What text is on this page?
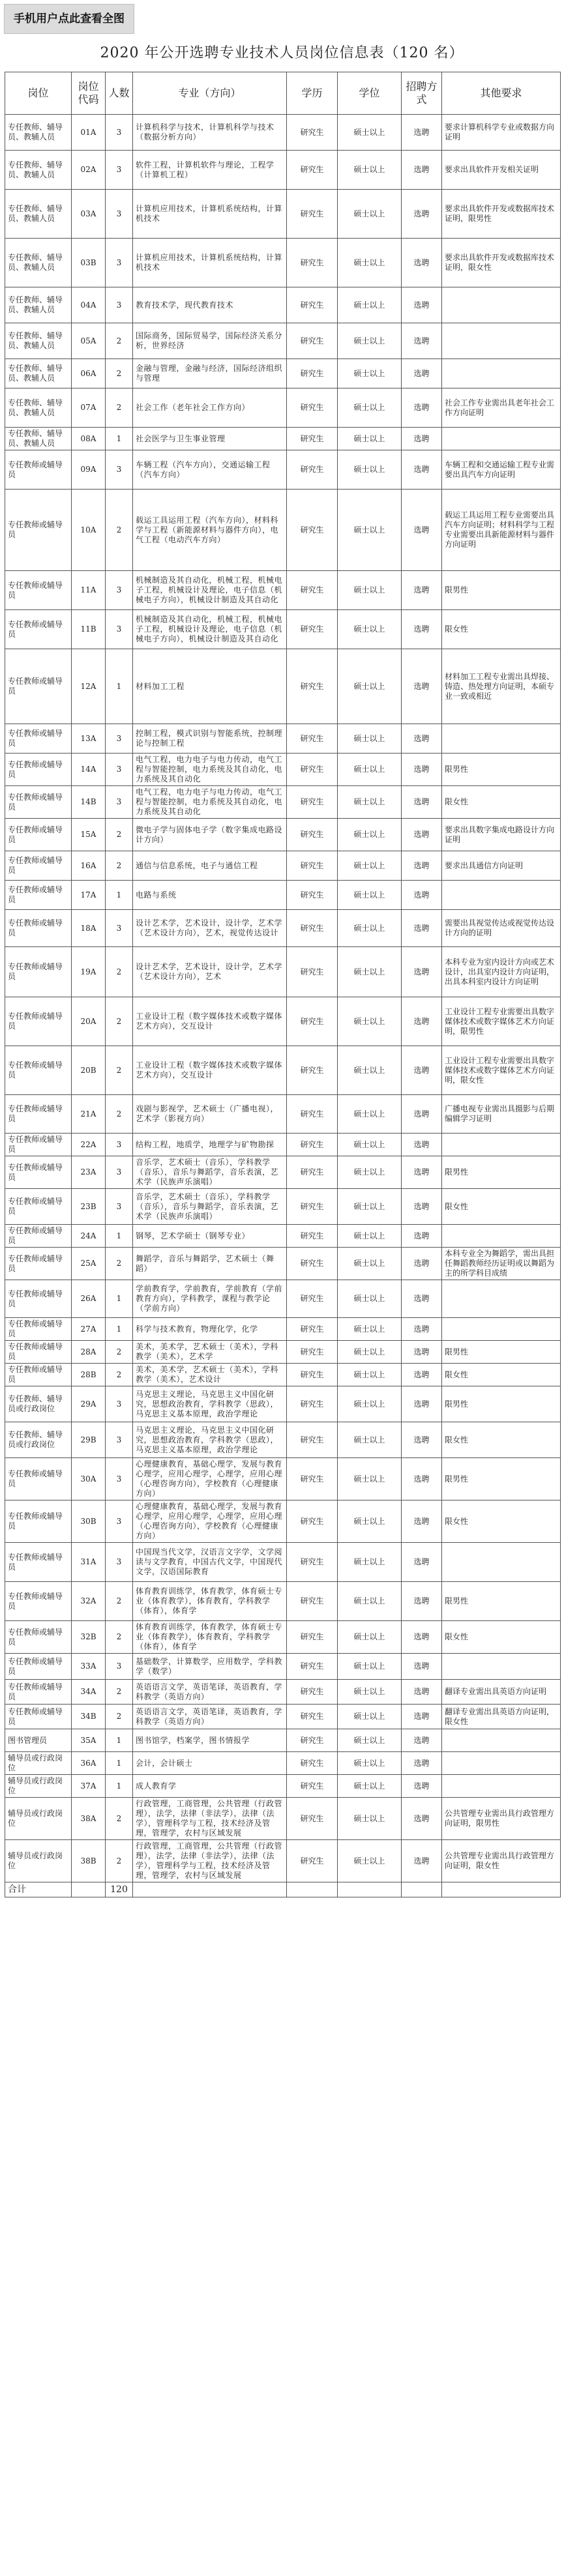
手机用户点此查看全图
2020 年公开选聘专业技术人员岗位信息表（120 名）
岗位	岗位代码	人数	专业（方向）	学历	学位	招聘方式	其他要求
专任教师、辅导员、教辅人员	01A	3	计算机科学与技术，计算机科学与技术（数据分析方向）	研究生	硕士以上	选聘	要求计算机科学专业或数据方向证明
专任教师、辅导员、教辅人员	02A	3	软件工程，计算机软件与理论，工程学（计算机工程）	研究生	硕士以上	选聘	要求出具软件开发相关证明
专任教师、辅导员、教辅人员	03A	3	计算机应用技术，计算机系统结构，计算机技术	研究生	硕士以上	选聘	要求出具软件开发或数据库技术证明，限男性
专任教师、辅导员、教辅人员	03B	3	计算机应用技术，计算机系统结构，计算机技术	研究生	硕士以上	选聘	要求出具软件开发或数据库技术证明，限女性
专任教师、辅导员、教辅人员	04A	3	教育技术学，现代教育技术	研究生	硕士以上	选聘	
专任教师、辅导员、教辅人员	05A	2	国际商务，国际贸易学，国际经济关系分析，世界经济	研究生	硕士以上	选聘	
专任教师、辅导员、教辅人员	06A	2	金融与管理，金融与经济，国际经济组织与管理	研究生	硕士以上	选聘	
专任教师、辅导员、教辅人员	07A	2	社会工作（老年社会工作方向）	研究生	硕士以上	选聘	社会工作专业需出具老年社会工作方向证明
专任教师、辅导员、教辅人员	08A	1	社会医学与卫生事业管理	研究生	硕士以上	选聘	
专任教师或辅导员	09A	3	车辆工程（汽车方向），交通运输工程（汽车方向）	研究生	硕士以上	选聘	车辆工程和交通运输工程专业需要出具汽车方向证明
专任教师或辅导员	10A	2	载运工具运用工程（汽车方向），材料科学与工程（新能源材料与器件方向），电气工程（电动汽车方向）	研究生	硕士以上	选聘	载运工具运用工程专业需要出具汽车方向证明；材料科学与工程专业需要出具新能源材料与器件方向证明
专任教师或辅导员	11A	3	机械制造及其自动化，机械工程，机械电子工程，机械设计及理论，电子信息（机械电子方向），机械设计制造及其自动化	研究生	硕士以上	选聘	限男性
专任教师或辅导员	11B	3	机械制造及其自动化，机械工程，机械电子工程，机械设计及理论，电子信息（机械电子方向），机械设计制造及其自动化	研究生	硕士以上	选聘	限女性
专任教师或辅导员	12A	1	材料加工工程	研究生	硕士以上	选聘	材料加工工程专业需出具焊接、铸造、热处理方向证明，本硕专业一致或相近
专任教师或辅导员	13A	3	控制工程，模式识别与智能系统，控制理论与控制工程	研究生	硕士以上	选聘	
专任教师或辅导员	14A	3	电气工程，电力电子与电力传动，电气工程与智能控制，电力系统及其自动化，电力系统及其自动化	研究生	硕士以上	选聘	限男性
专任教师或辅导员	14B	3	电气工程，电力电子与电力传动，电气工程与智能控制，电力系统及其自动化，电力系统及其自动化	研究生	硕士以上	选聘	限女性
专任教师或辅导员	15A	2	微电子学与固体电子学（数字集成电路设计方向）	研究生	硕士以上	选聘	要求出具数字集成电路设计方向证明
专任教师或辅导员	16A	2	通信与信息系统，电子与通信工程	研究生	硕士以上	选聘	要求出具通信方向证明
专任教师或辅导员	17A	1	电路与系统	研究生	硕士以上	选聘	
专任教师或辅导员	18A	3	设计艺术学，艺术设计，设计学，艺术学（艺术设计方向），艺术，视觉传达设计	研究生	硕士以上	选聘	需要出具视觉传达或视觉传达设计方向的证明
专任教师或辅导员	19A	2	设计艺术学，艺术设计，设计学，艺术学（艺术设计方向），艺术	研究生	硕士以上	选聘	本科专业为室内设计方向或艺术设计，出具室内设计方向证明，出具本科室内设计方向证明
专任教师或辅导员	20A	2	工业设计工程（数字媒体技术或数字媒体艺术方向），交互设计	研究生	硕士以上	选聘	工业设计工程专业需要出具数字媒体技术或数字媒体艺术方向证明，限男性
专任教师或辅导员	20B	2	工业设计工程（数字媒体技术或数字媒体艺术方向），交互设计	研究生	硕士以上	选聘	工业设计工程专业需要出具数字媒体技术或数字媒体艺术方向证明，限女性
专任教师或辅导员	21A	2	戏剧与影视学，艺术硕士（广播电视），艺术学（影视方向）	研究生	硕士以上	选聘	广播电视专业需出具摄影与后期编辑学习证明
专任教师或辅导员	22A	3	结构工程，地质学，地理学与矿物勘探	研究生	硕士以上	选聘	
专任教师或辅导员	23A	3	音乐学，艺术硕士（音乐），学科教学（音乐），音乐与舞蹈学，音乐表演，艺术学（民族声乐演唱）	研究生	硕士以上	选聘	限男性
专任教师或辅导员	23B	3	音乐学，艺术硕士（音乐），学科教学（音乐），音乐与舞蹈学，音乐表演，艺术学（民族声乐演唱）	研究生	硕士以上	选聘	限女性
专任教师或辅导员	24A	1	钢琴，艺术学硕士（钢琴专业）	研究生	硕士以上	选聘	
专任教师或辅导员	25A	2	舞蹈学，音乐与舞蹈学，艺术硕士（舞蹈）	研究生	硕士以上	选聘	本科专业全为舞蹈学，需出具担任舞蹈教师经历证明或以舞蹈为主的所学科目成绩
专任教师或辅导员	26A	1	学前教育学，学前教育，学前教育（学前教育方向），学科教学，课程与教学论（学前方向）	研究生	硕士以上	选聘	
专任教师或辅导员	27A	1	科学与技术教育，物理化学，化学	研究生	硕士以上	选聘	
专任教师或辅导员	28A	2	美术，美术学，艺术硕士（美术），学科教学（美术），艺术学	研究生	硕士以上	选聘	限男性
专任教师或辅导员	28B	2	美术，美术学，艺术硕士（美术），学科教学（美术），艺术设计	研究生	硕士以上	选聘	限女性
专任教师、辅导员或行政岗位	29A	3	马克思主义理论，马克思主义中国化研究，思想政治教育，学科教学（思政），马克思主义基本原理，政治学理论	研究生	硕士以上	选聘	限男性
专任教师、辅导员或行政岗位	29B	3	马克思主义理论，马克思主义中国化研究，思想政治教育，学科教学（思政），马克思主义基本原理，政治学理论	研究生	硕士以上	选聘	限女性
专任教师或辅导员	30A	3	心理健康教育，基础心理学，发展与教育心理学，应用心理学，心理学，应用心理（心理咨询方向），学校教育（心理健康方向）	研究生	硕士以上	选聘	限男性
专任教师或辅导员	30B	3	心理健康教育，基础心理学，发展与教育心理学，应用心理学，心理学，应用心理（心理咨询方向），学校教育（心理健康方向）	研究生	硕士以上	选聘	限女性
专任教师或辅导员	31A	3	中国现当代文学，汉语言文字学，文学阅读与文学教育，中国古代文学，中国现代文学，汉语国际教育	研究生	硕士以上	选聘	
专任教师或辅导员	32A	2	体育教育训练学，体育教学，体育硕士专业（体育教学），体育教育，学科教学（体育），体育学	研究生	硕士以上	选聘	限男性
专任教师或辅导员	32B	2	体育教育训练学，体育教学，体育硕士专业（体育教学），体育教育，学科教学（体育），体育学	研究生	硕士以上	选聘	限女性
专任教师或辅导员	33A	3	基础数学，计算数学，应用数学，学科教学（数学）	研究生	硕士以上	选聘	
专任教师或辅导员	34A	2	英语语言文学，英语笔译，英语教育，学科教学（英语方向）	研究生	硕士以上	选聘	翻译专业需出具英语方向证明
专任教师或辅导员	34B	2	英语语言文学，英语笔译，英语教育，学科教学（英语方向）	研究生	硕士以上	选聘	翻译专业需出具英语方向证明，限女性
图书管理员	35A	1	图书馆学，档案学，图书情报学	研究生	硕士以上	选聘	
辅导员或行政岗位	36A	1	会计，会计硕士	研究生	硕士以上	选聘	
辅导员或行政岗位	37A	1	成人教育学	研究生	硕士以上	选聘	
辅导员或行政岗位	38A	2	行政管理，工商管理，公共管理（行政管理），法学，法律（非法学），法律（法学），管理科学与工程，技术经济及管理，管理学，农村与区域发展	研究生	硕士以上	选聘	公共管理专业需出具行政管理方向证明，限男性
辅导员或行政岗位	38B	2	行政管理，工商管理，公共管理（行政管理），法学，法律（非法学），法律（法学），管理科学与工程，技术经济及管理，管理学，农村与区域发展	研究生	硕士以上	选聘	公共管理专业需出具行政管理方向证明，限女性
合计		120					
